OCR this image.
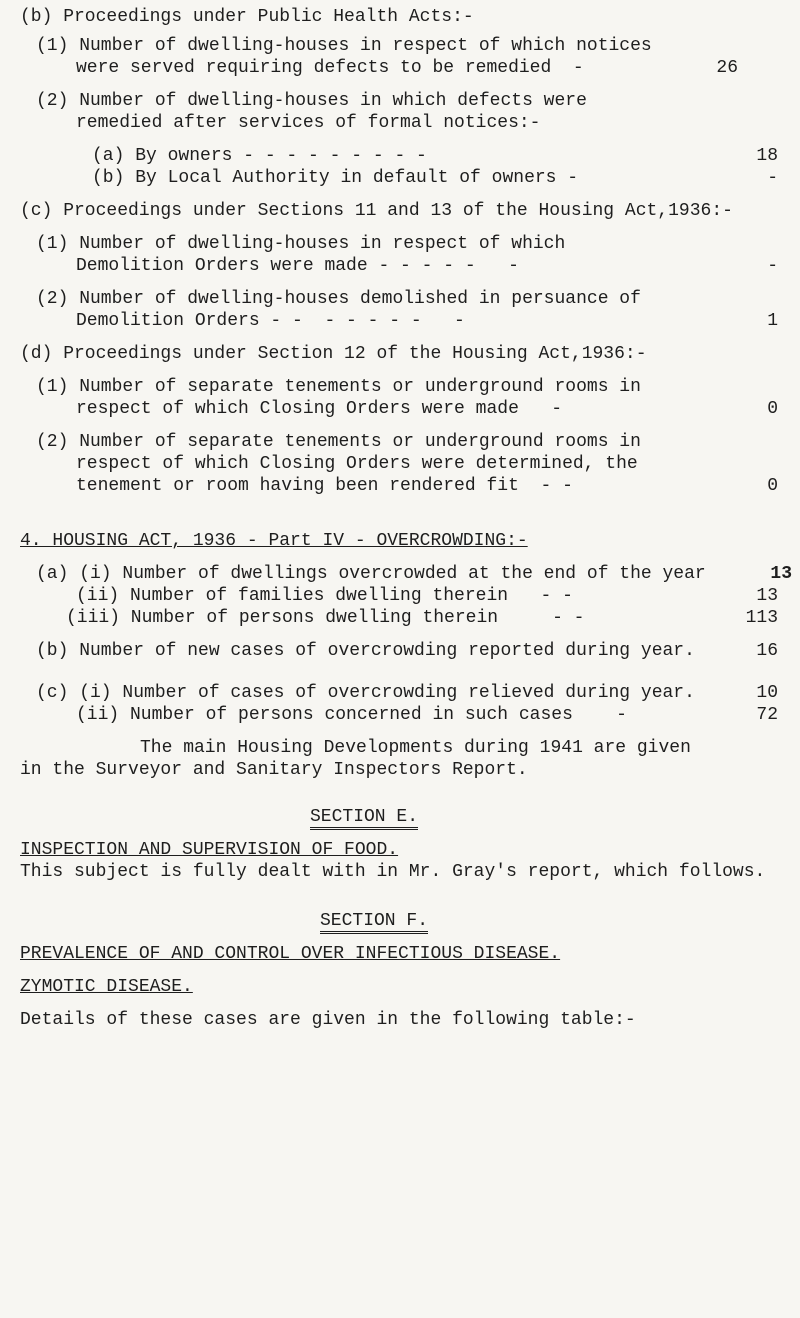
(b) Proceedings under Public Health Acts:-
(1) Number of dwelling-houses in respect of which notices
were served requiring defects to be remedied  -	26
(2) Number of dwelling-houses in which defects were
remedied after services of formal notices:-
(a) By owners - - - - - - - - -	18
(b) By Local Authority in default of owners -	-
(c) Proceedings under Sections 11 and 13 of the Housing Act,1936:-
(1) Number of dwelling-houses in respect of which
Demolition Orders were made - - - - -   -	-
(2) Number of dwelling-houses demolished in persuance of
Demolition Orders - -  - - - - -   -	1
(d) Proceedings under Section 12 of the Housing Act,1936:-
(1) Number of separate tenements or underground rooms in
respect of which Closing Orders were made   -	0
(2) Number of separate tenements or underground rooms in
respect of which Closing Orders were determined, the
tenement or room having been rendered fit  - -	0
4. HOUSING ACT, 1936 - Part IV - OVERCROWDING:-
(a) (i) Number of dwellings overcrowded at the end of the year	13
(ii) Number of families dwelling therein   - -	13
(iii) Number of persons dwelling therein     - -	113
(b) Number of new cases of overcrowding reported during year.	16
(c) (i) Number of cases of overcrowding relieved during year.	10
(ii) Number of persons concerned in such cases    -	72
The main Housing Developments during 1941 are given
in the Surveyor and Sanitary Inspectors Report.
SECTION E.
INSPECTION AND SUPERVISION OF FOOD.
This subject is fully dealt with in Mr. Gray's report, which follows.
SECTION F.
PREVALENCE OF AND CONTROL OVER INFECTIOUS DISEASE.
ZYMOTIC DISEASE.
Details of these cases are given in the following table:-
